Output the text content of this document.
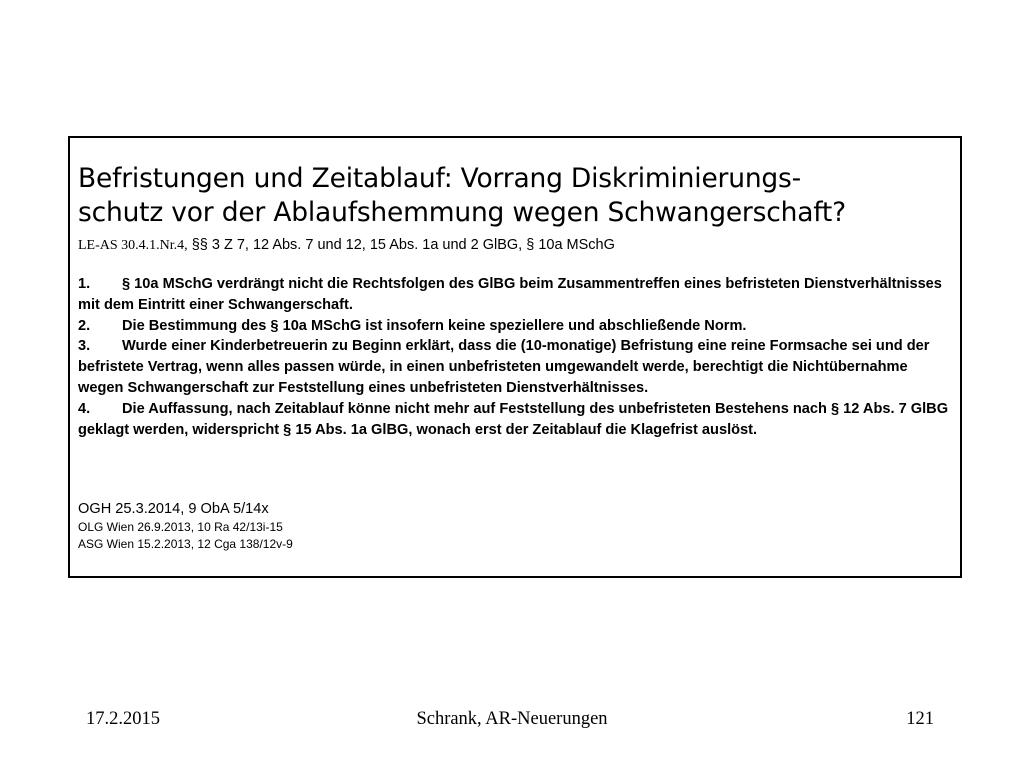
Befristungen und Zeitablauf: Vorrang Diskriminierungs-
schutz vor der Ablaufshemmung wegen Schwangerschaft?
LE-AS 30.4.1.Nr.4, §§ 3 Z 7, 12 Abs. 7 und 12, 15 Abs. 1a und 2 GlBG, § 10a MSchG
1. § 10a MSchG verdrängt nicht die Rechtsfolgen des GlBG beim Zusammentreffen eines befristeten Dienstverhältnisses mit dem Eintritt einer Schwangerschaft.
2. Die Bestimmung des § 10a MSchG ist insofern keine speziellere und abschließende Norm.
3. Wurde einer Kinderbetreuerin zu Beginn erklärt, dass die (10-monatige) Befristung eine reine Formsache sei und der befristete Vertrag, wenn alles passen würde, in einen unbefristeten umgewandelt werde, berechtigt die Nichtübernahme wegen Schwangerschaft zur Feststellung eines unbefristeten Dienstverhältnisses.
4. Die Auffassung, nach Zeitablauf könne nicht mehr auf Feststellung des unbefristeten Bestehens nach § 12 Abs. 7 GlBG geklagt werden, widerspricht § 15 Abs. 1a GlBG, wonach erst der Zeitablauf die Klagefrist auslöst.
OGH 25.3.2014, 9 ObA 5/14x
OLG Wien 26.9.2013, 10 Ra 42/13i-15
ASG Wien 15.2.2013, 12 Cga 138/12v-9
17.2.2015	Schrank, AR-Neuerungen	121
